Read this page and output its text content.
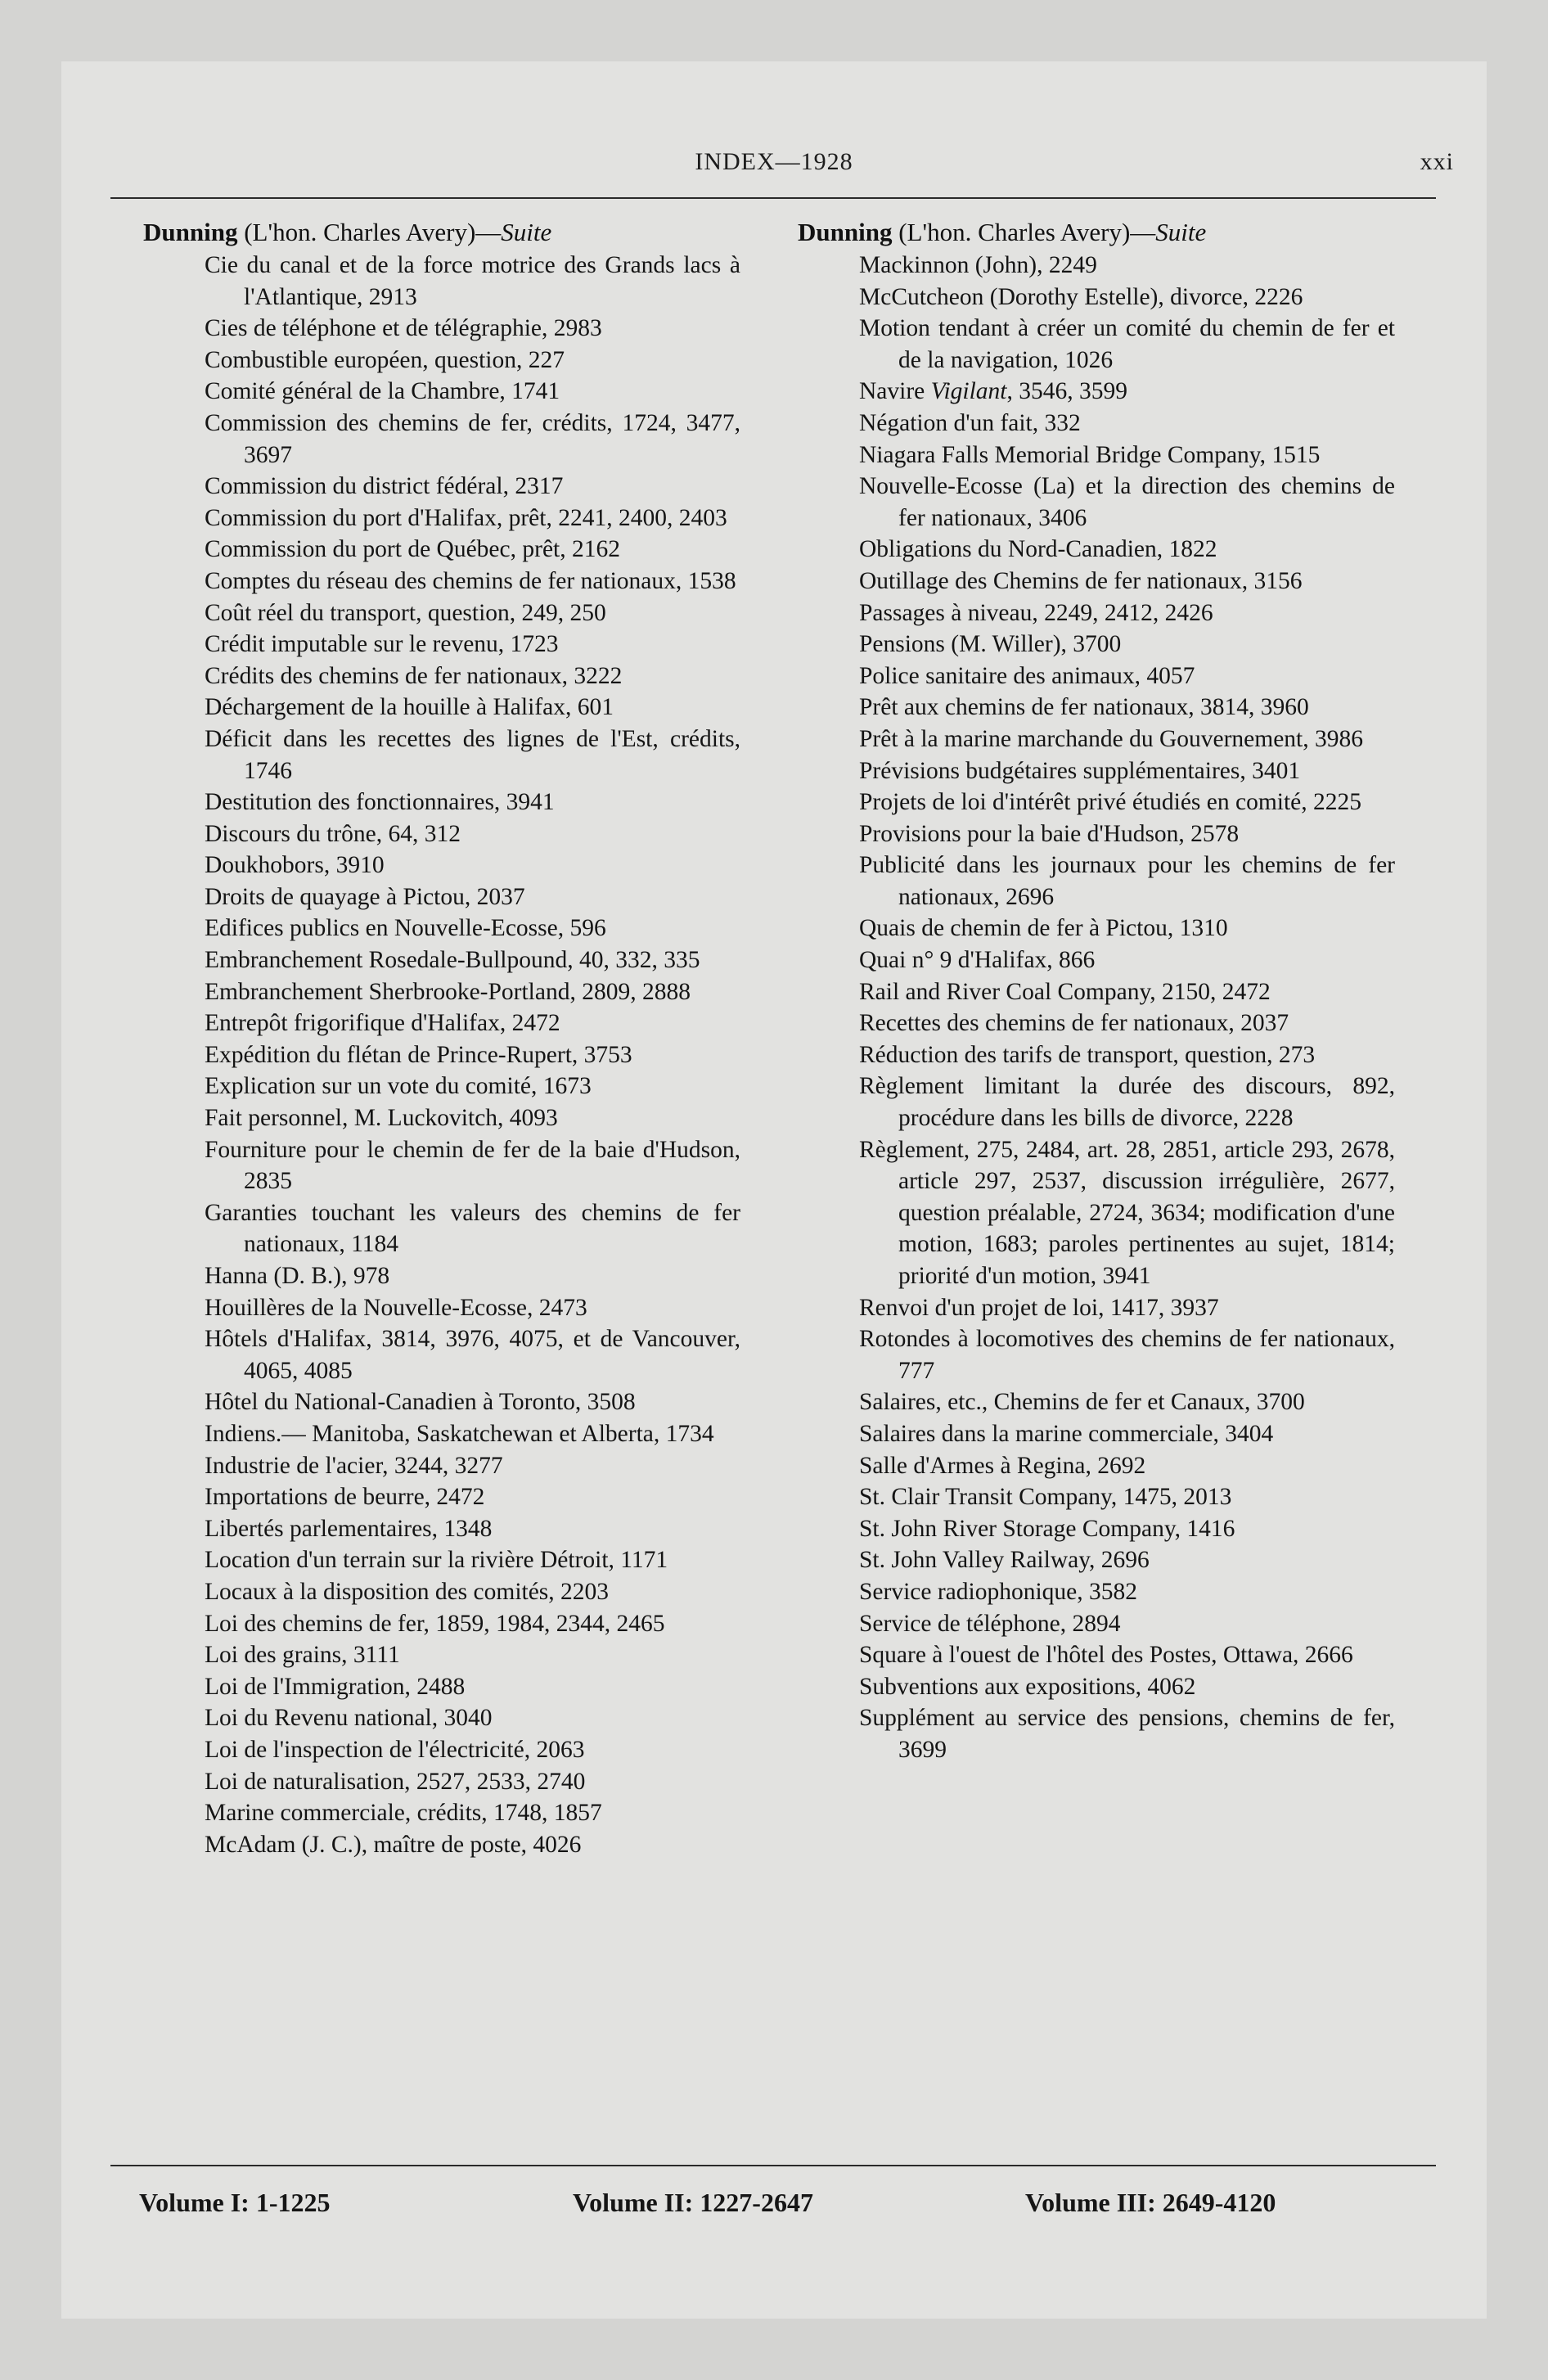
INDEX—1928	xxi
Dunning (L'hon. Charles Avery)—Suite
Cie du canal et de la force motrice des Grands lacs à l'Atlantique, 2913
Cies de téléphone et de télégraphie, 2983
Combustible européen, question, 227
Comité général de la Chambre, 1741
Commission des chemins de fer, crédits, 1724, 3477, 3697
Commission du district fédéral, 2317
Commission du port d'Halifax, prêt, 2241, 2400, 2403
Commission du port de Québec, prêt, 2162
Comptes du réseau des chemins de fer nationaux, 1538
Coût réel du transport, question, 249, 250
Crédit imputable sur le revenu, 1723
Crédits des chemins de fer nationaux, 3222
Déchargement de la houille à Halifax, 601
Déficit dans les recettes des lignes de l'Est, crédits, 1746
Destitution des fonctionnaires, 3941
Discours du trône, 64, 312
Doukhobors, 3910
Droits de quayage à Pictou, 2037
Edifices publics en Nouvelle-Ecosse, 596
Embranchement Rosedale-Bullpound, 40, 332, 335
Embranchement Sherbrooke-Portland, 2809, 2888
Entrepôt frigorifique d'Halifax, 2472
Expédition du flétan de Prince-Rupert, 3753
Explication sur un vote du comité, 1673
Fait personnel, M. Luckovitch, 4093
Fourniture pour le chemin de fer de la baie d'Hudson, 2835
Garanties touchant les valeurs des chemins de fer nationaux, 1184
Hanna (D. B.), 978
Houillères de la Nouvelle-Ecosse, 2473
Hôtels d'Halifax, 3814, 3976, 4075, et de Vancouver, 4065, 4085
Hôtel du National-Canadien à Toronto, 3508
Indiens.— Manitoba, Saskatchewan et Alberta, 1734
Industrie de l'acier, 3244, 3277
Importations de beurre, 2472
Libertés parlementaires, 1348
Location d'un terrain sur la rivière Détroit, 1171
Locaux à la disposition des comités, 2203
Loi des chemins de fer, 1859, 1984, 2344, 2465
Loi des grains, 3111
Loi de l'Immigration, 2488
Loi du Revenu national, 3040
Loi de l'inspection de l'électricité, 2063
Loi de naturalisation, 2527, 2533, 2740
Marine commerciale, crédits, 1748, 1857
McAdam (J. C.), maître de poste, 4026
Dunning (L'hon. Charles Avery)—Suite
Mackinnon (John), 2249
McCutcheon (Dorothy Estelle), divorce, 2226
Motion tendant à créer un comité du chemin de fer et de la navigation, 1026
Navire Vigilant, 3546, 3599
Négation d'un fait, 332
Niagara Falls Memorial Bridge Company, 1515
Nouvelle-Ecosse (La) et la direction des chemins de fer nationaux, 3406
Obligations du Nord-Canadien, 1822
Outillage des Chemins de fer nationaux, 3156
Passages à niveau, 2249, 2412, 2426
Pensions (M. Willer), 3700
Police sanitaire des animaux, 4057
Prêt aux chemins de fer nationaux, 3814, 3960
Prêt à la marine marchande du Gouvernement, 3986
Prévisions budgétaires supplémentaires, 3401
Projets de loi d'intérêt privé étudiés en comité, 2225
Provisions pour la baie d'Hudson, 2578
Publicité dans les journaux pour les chemins de fer nationaux, 2696
Quais de chemin de fer à Pictou, 1310
Quai n° 9 d'Halifax, 866
Rail and River Coal Company, 2150, 2472
Recettes des chemins de fer nationaux, 2037
Réduction des tarifs de transport, question, 273
Règlement limitant la durée des discours, 892, procédure dans les bills de divorce, 2228
Règlement, 275, 2484, art. 28, 2851, article 293, 2678, article 297, 2537, discussion irrégulière, 2677, question préalable, 2724, 3634; modification d'une motion, 1683; paroles pertinentes au sujet, 1814; priorité d'un motion, 3941
Renvoi d'un projet de loi, 1417, 3937
Rotondes à locomotives des chemins de fer nationaux, 777
Salaires, etc., Chemins de fer et Canaux, 3700
Salaires dans la marine commerciale, 3404
Salle d'Armes à Regina, 2692
St. Clair Transit Company, 1475, 2013
St. John River Storage Company, 1416
St. John Valley Railway, 2696
Service radiophonique, 3582
Service de téléphone, 2894
Square à l'ouest de l'hôtel des Postes, Ottawa, 2666
Subventions aux expositions, 4062
Supplément au service des pensions, chemins de fer, 3699
Volume I: 1-1225	Volume II: 1227-2647	Volume III: 2649-4120
